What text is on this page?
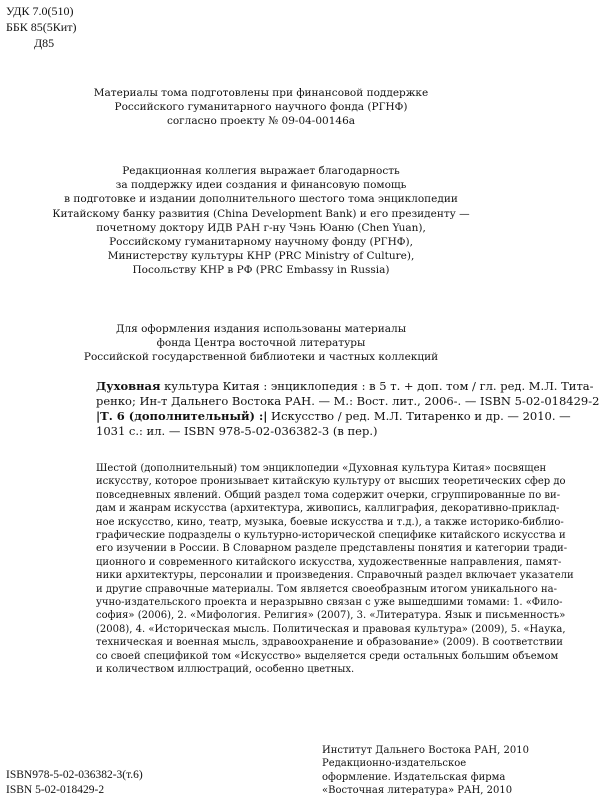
УДК 7.0(510)
ББК 85(5Кит)
Д85
Материалы тома подготовлены при финансовой поддержке
Российского гуманитарного научного фонда (РГНФ)
согласно проекту № 09-04-00146а
Редакционная коллегия выражает благодарность
за поддержку идеи создания и финансовую помощь
в подготовке и издании дополнительного шестого тома энциклопедии
Китайскому банку развития (China Development Bank) и его президенту —
почетному доктору ИДВ РАН г-ну Чэнь Юаню (Chen Yuan),
Российскому гуманитарному научному фонду (РГНФ),
Министерству культуры КНР (PRC Ministry of Culture),
Посольству КНР в РФ (PRC Embassy in Russia)
Для оформления издания использованы материалы
фонда Центра восточной литературы
Российской государственной библиотеки и частных коллекций
Духовная культура Китая : энциклопедия : в 5 т. + доп. том / гл. ред. М.Л. Тита-
ренко; Ин-т Дальнего Востока РАН. — М.: Вост. лит., 2006-. — ISBN 5-02-018429-2
|Т. 6 (дополнительный) :| Искусство / ред. М.Л. Титаренко и др. — 2010. —
1031 с.: ил. — ISBN 978-5-02-036382-3 (в пер.)
Шестой (дополнительный) том энциклопедии «Духовная культура Китая» посвящен
искусству, которое пронизывает китайскую культуру от высших теоретических сфер до
повседневных явлений. Общий раздел тома содержит очерки, сгруппированные по ви-
дам и жанрам искусства (архитектура, живопись, каллиграфия, декоративно-приклад-
ное искусство, кино, театр, музыка, боевые искусства и т.д.), а также историко-библио-
графические подразделы о культурно-исторической специфике китайского искусства и
его изучении в России. В Словарном разделе представлены понятия и категории тради-
ционного и современного китайского искусства, художественные направления, памят-
ники архитектуры, персоналии и произведения. Справочный раздел включает указатели
и другие справочные материалы. Том является своеобразным итогом уникального на-
учно-издательского проекта и неразрывно связан с уже вышедшими томами: 1. «Фило-
софия» (2006), 2. «Мифология. Религия» (2007), 3. «Литература. Язык и письменность»
(2008), 4. «Историческая мысль. Политическая и правовая культура» (2009), 5. «Наука,
техническая и военная мысль, здравоохранение и образование» (2009). В соответствии
со своей спецификой том «Искусство» выделяется среди остальных большим объемом
и количеством иллюстраций, особенно цветных.
Институт Дальнего Востока РАН, 2010
Редакционно-издательское
оформление. Издательская фирма
«Восточная литература» РАН, 2010
ISBN978-5-02-036382-3(т.6)
ISBN 5-02-018429-2
